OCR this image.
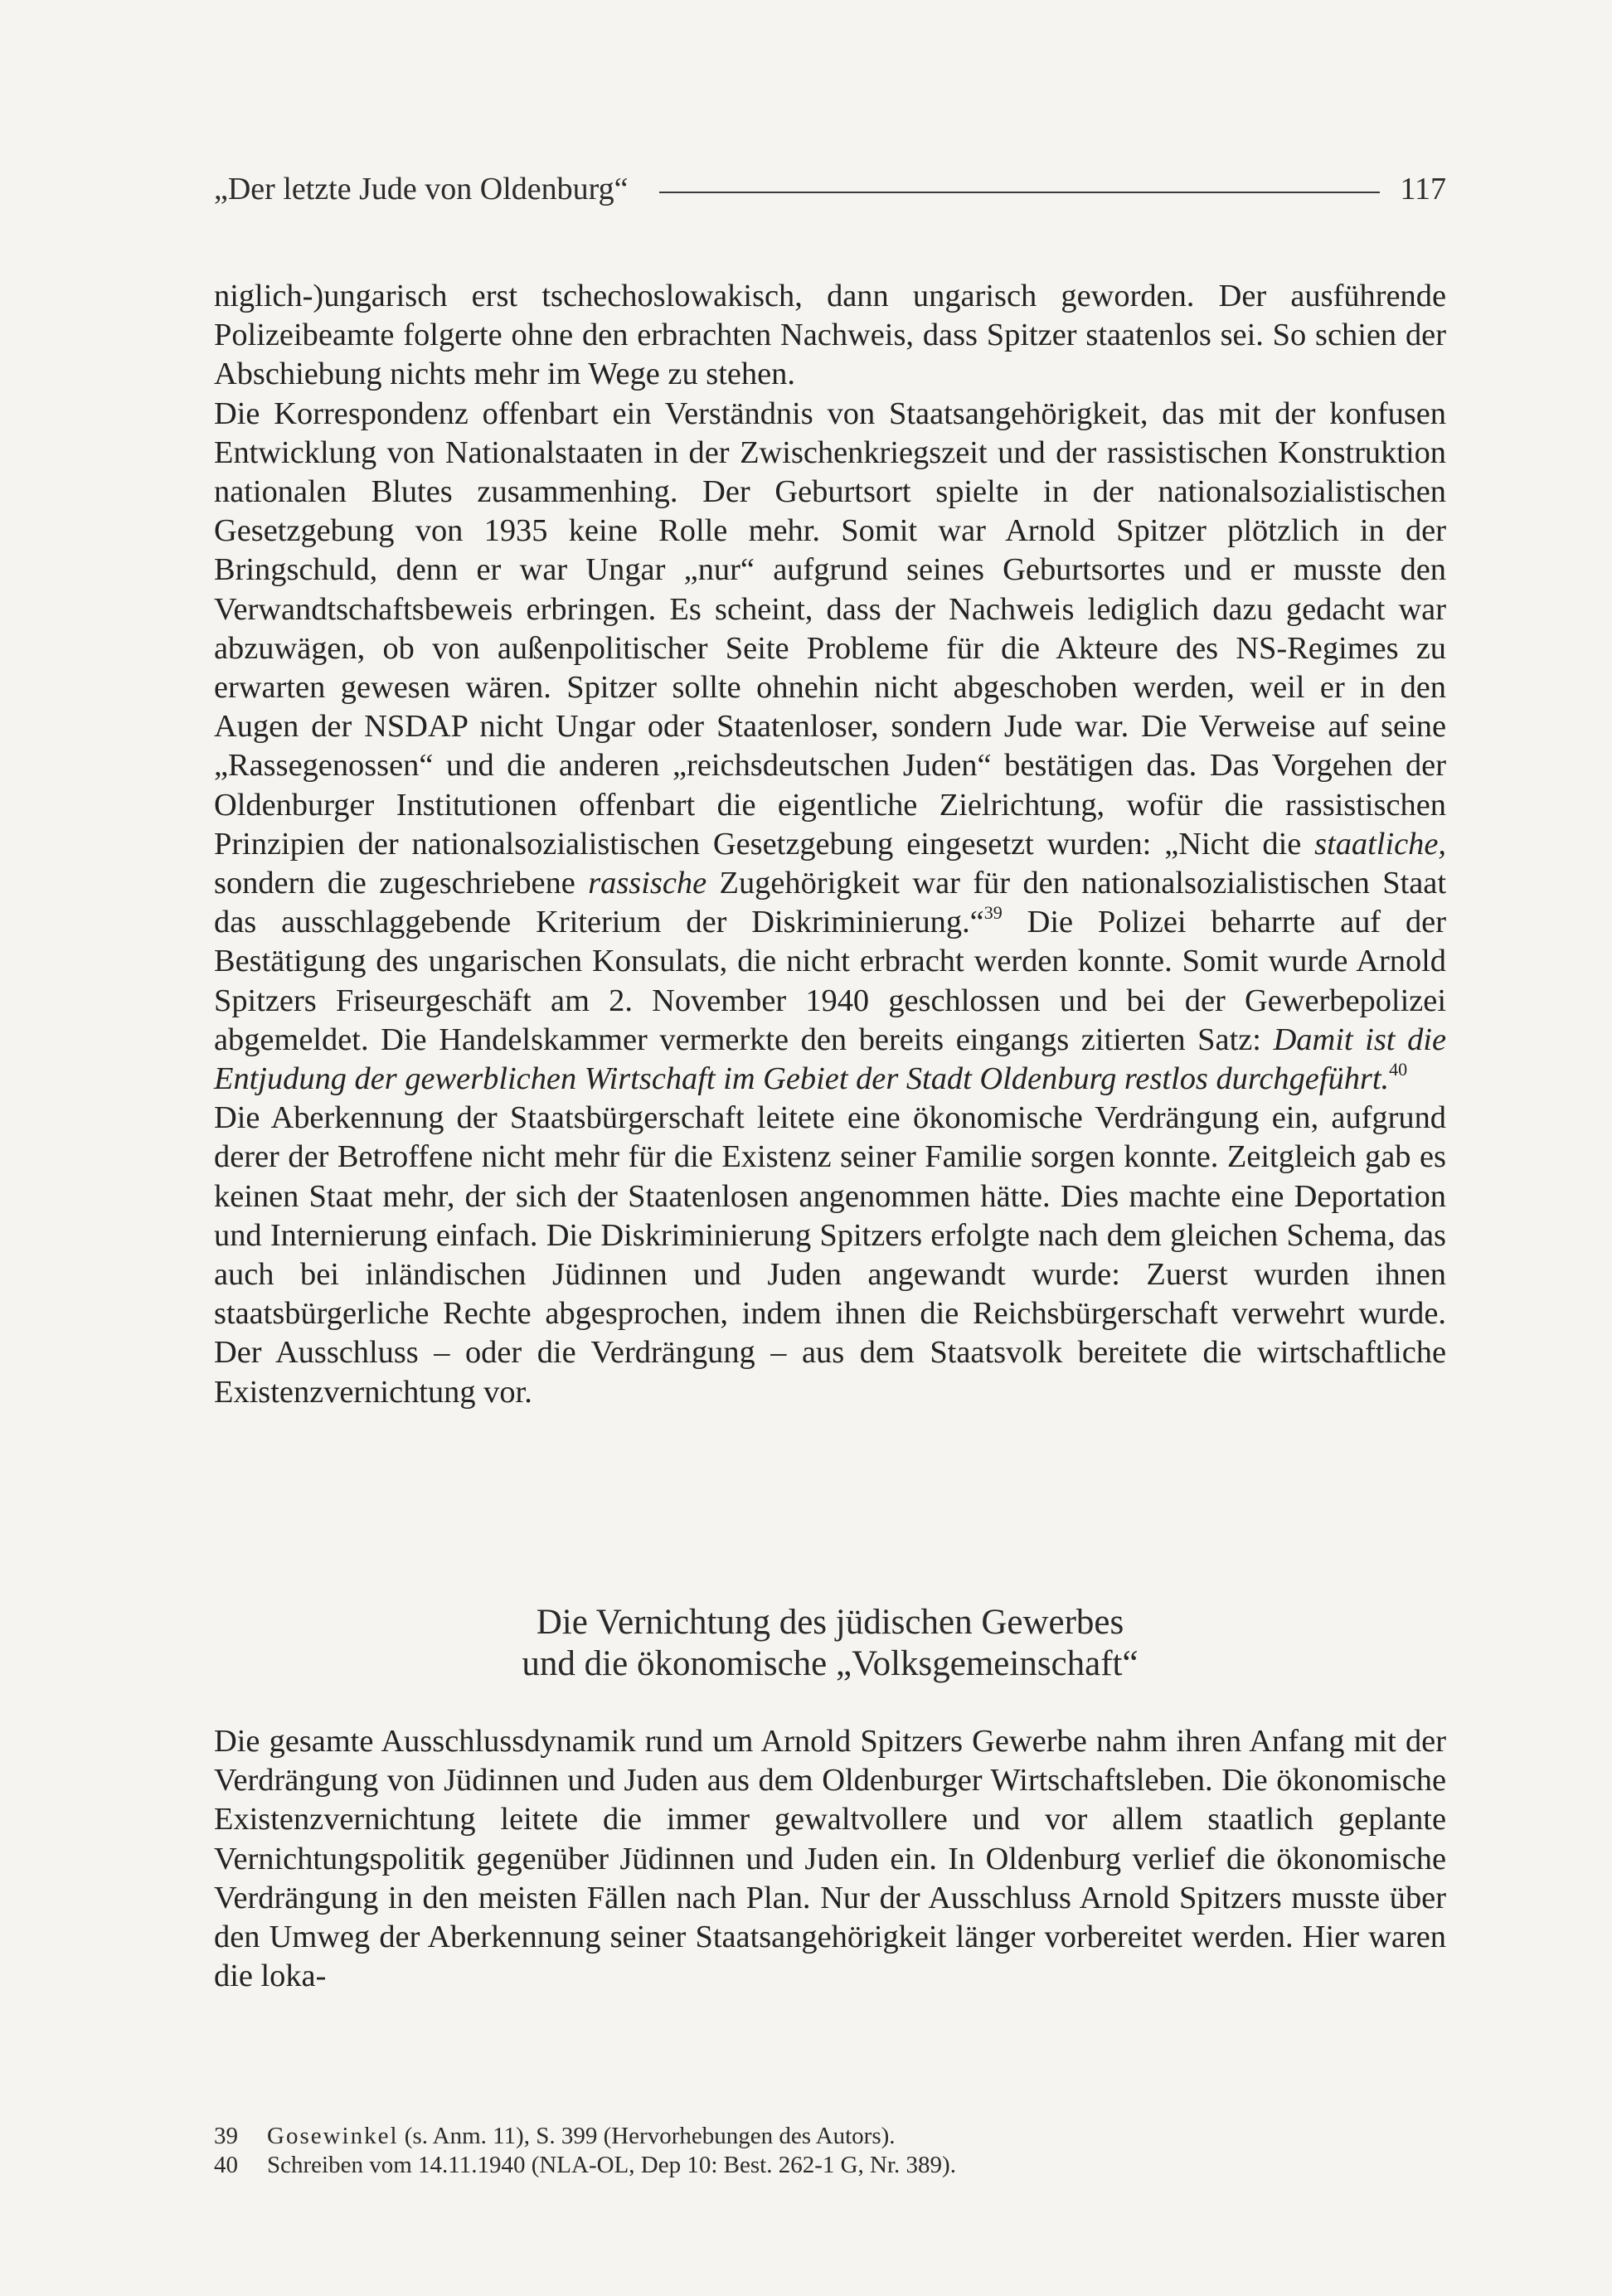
„Der letzte Jude von Oldenburg“	117

niglich-)ungarisch erst tschechoslowakisch, dann ungarisch geworden. Der ausführende Polizeibeamte folgerte ohne den erbrachten Nachweis, dass Spitzer staatenlos sei. So schien der Abschiebung nichts mehr im Wege zu stehen.

Die Korrespondenz offenbart ein Verständnis von Staatsangehörigkeit, das mit der konfusen Entwicklung von Nationalstaaten in der Zwischenkriegszeit und der rassistischen Konstruktion nationalen Blutes zusammenhing. Der Geburtsort spielte in der nationalsozialistischen Gesetzgebung von 1935 keine Rolle mehr. Somit war Arnold Spitzer plötzlich in der Bringschuld, denn er war Ungar „nur“ aufgrund seines Geburtsortes und er musste den Verwandtschaftsbeweis erbringen. Es scheint, dass der Nachweis lediglich dazu gedacht war abzuwägen, ob von außenpolitischer Seite Probleme für die Akteure des NS-Regimes zu erwarten gewesen wären. Spitzer sollte ohnehin nicht abgeschoben werden, weil er in den Augen der NSDAP nicht Ungar oder Staatenloser, sondern Jude war. Die Verweise auf seine „Rassegenossen“ und die anderen „reichsdeutschen Juden“ bestätigen das. Das Vorgehen der Oldenburger Institutionen offenbart die eigentliche Zielrichtung, wofür die rassistischen Prinzipien der nationalsozialistischen Gesetzgebung eingesetzt wurden: „Nicht die staatliche, sondern die zugeschriebene rassische Zugehörigkeit war für den nationalsozialistischen Staat das ausschlaggebende Kriterium der Diskriminierung.“$^{39}$ Die Polizei beharrte auf der Bestätigung des ungarischen Konsulats, die nicht erbracht werden konnte. Somit wurde Arnold Spitzers Friseurgeschäft am 2. November 1940 geschlossen und bei der Gewerbepolizei abgemeldet. Die Handelskammer vermerkte den bereits eingangs zitierten Satz: Damit ist die Entjudung der gewerblichen Wirtschaft im Gebiet der Stadt Oldenburg restlos durchgeführt.$^{40}$

Die Aberkennung der Staatsbürgerschaft leitete eine ökonomische Verdrängung ein, aufgrund derer der Betroffene nicht mehr für die Existenz seiner Familie sorgen konnte. Zeitgleich gab es keinen Staat mehr, der sich der Staatenlosen angenommen hätte. Dies machte eine Deportation und Internierung einfach. Die Diskriminierung Spitzers erfolgte nach dem gleichen Schema, das auch bei inländischen Jüdinnen und Juden angewandt wurde: Zuerst wurden ihnen staatsbürgerliche Rechte abgesprochen, indem ihnen die Reichsbürgerschaft verwehrt wurde. Der Ausschluss – oder die Verdrängung – aus dem Staatsvolk bereitete die wirtschaftliche Existenzvernichtung vor.

Die Vernichtung des jüdischen Gewerbes
und die ökonomische „Volksgemeinschaft“

Die gesamte Ausschlussdynamik rund um Arnold Spitzers Gewerbe nahm ihren Anfang mit der Verdrängung von Jüdinnen und Juden aus dem Oldenburger Wirtschaftsleben. Die ökonomische Existenzvernichtung leitete die immer gewaltvollere und vor allem staatlich geplante Vernichtungspolitik gegenüber Jüdinnen und Juden ein. In Oldenburg verlief die ökonomische Verdrängung in den meisten Fällen nach Plan. Nur der Ausschluss Arnold Spitzers musste über den Umweg der Aberkennung seiner Staatsangehörigkeit länger vorbereitet werden. Hier waren die loka-

39	Gosewinkel (s. Anm. 11), S. 399 (Hervorhebungen des Autors).
40	Schreiben vom 14.11.1940 (NLA-OL, Dep 10: Best. 262-1 G, Nr. 389).
